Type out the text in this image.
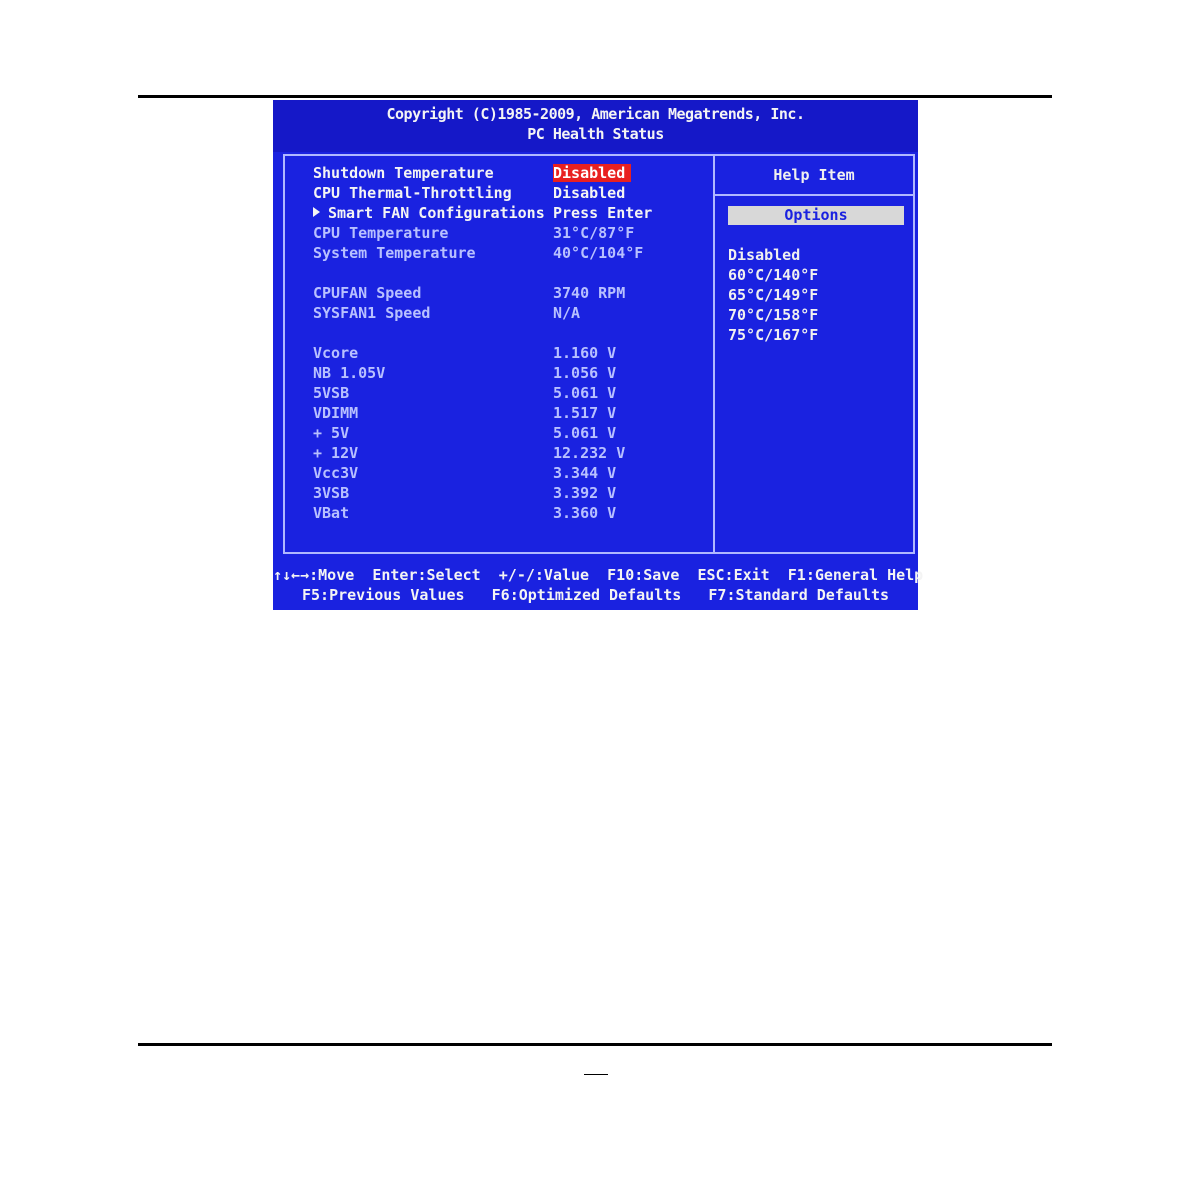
Copyright (C)1985-2009, American Megatrends, Inc.
PC Health Status
Shutdown Temperature	Disabled
CPU Thermal-Throttling	Disabled
Smart FAN Configurations Press Enter
CPU Temperature	31°C/87°F
System Temperature	40°C/104°F
CPUFAN Speed	3740 RPM
SYSFAN1 Speed	N/A
Vcore	1.160 V
NB 1.05V	1.056 V
5VSB	5.061 V
VDIMM	1.517 V
+ 5V	5.061 V
+ 12V	12.232 V
Vcc3V	3.344 V
3VSB	3.392 V
VBat	3.360 V
Help Item
Options
Disabled
60°C/140°F
65°C/149°F
70°C/158°F
75°C/167°F
↑↓←→:Move  Enter:Select  +/-/:Value  F10:Save  ESC:Exit  F1:General Help
F5:Previous Values   F6:Optimized Defaults   F7:Standard Defaults
